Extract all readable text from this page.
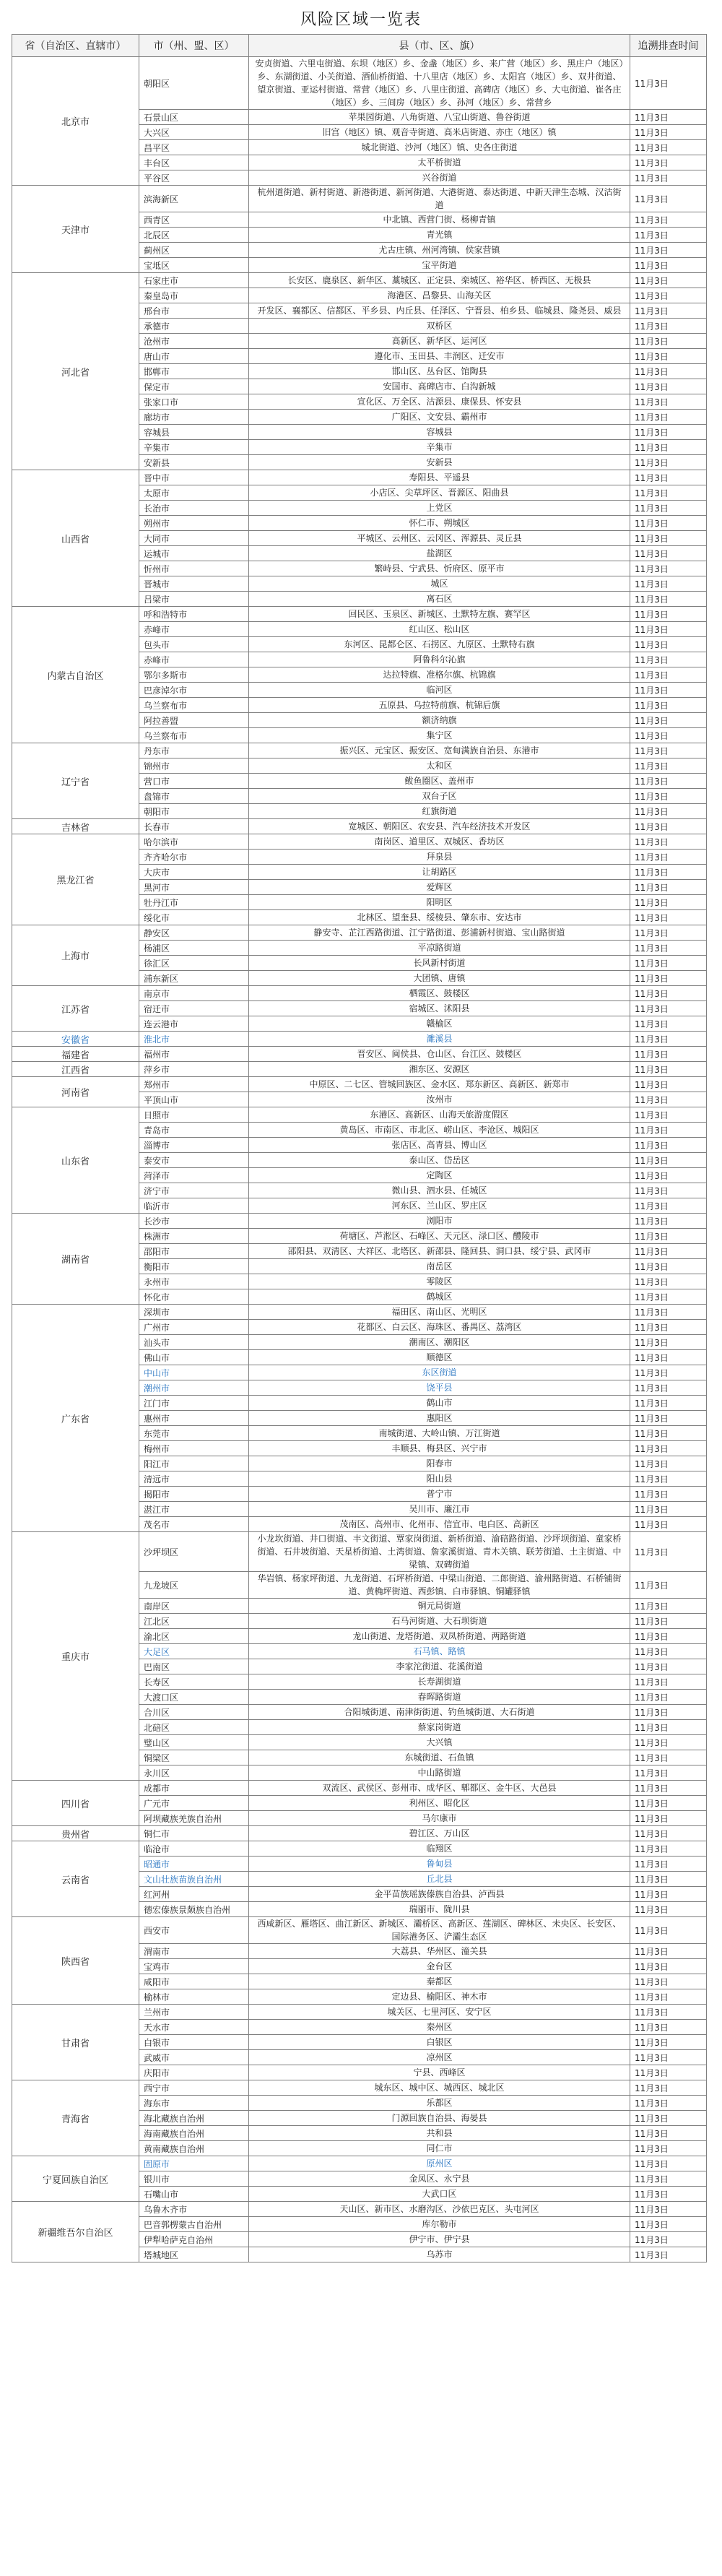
风险区域一览表
省（自治区、直辖市）	市（州、盟、区）	县（市、区、旗）	追溯排查时间
北京市	朝阳区	安贞街道、六里屯街道、东坝（地区）乡、金盏（地区）乡、来广营（地区）乡、黑庄户（地区）乡、东湖街道、小关街道、酒仙桥街道、十八里店（地区）乡、太阳宫（地区）乡、双井街道、望京街道、亚运村街道、常营（地区）乡、八里庄街道、高碑店（地区）乡、大屯街道、崔各庄（地区）乡、三间房（地区）乡、孙河（地区）乡、常营乡	11月3日
	石景山区	苹果园街道、八角街道、八宝山街道、鲁谷街道	11月3日
	大兴区	旧宫（地区）镇、观音寺街道、高米店街道、亦庄（地区）镇	11月3日
	昌平区	城北街道、沙河（地区）镇、史各庄街道	11月3日
	丰台区	太平桥街道	11月3日
	平谷区	兴谷街道	11月3日
天津市	滨海新区	杭州道街道、新村街道、新港街道、新河街道、大港街道、泰达街道、中新天津生态城、汉沽街道	11月3日
	西青区	中北镇、西营门街、杨柳青镇	11月3日
	北辰区	青光镇	11月3日
	蓟州区	尤古庄镇、州河湾镇、侯家营镇	11月3日
	宝坻区	宝平街道	11月3日
河北省	石家庄市	长安区、鹿泉区、新华区、藁城区、正定县、栾城区、裕华区、桥西区、无极县	11月3日
	秦皇岛市	海港区、昌黎县、山海关区	11月3日
	邢台市	开发区、襄都区、信都区、平乡县、内丘县、任泽区、宁晋县、柏乡县、临城县、隆尧县、威县	11月3日
	承德市	双桥区	11月3日
	沧州市	高新区、新华区、运河区	11月3日
	唐山市	遵化市、玉田县、丰润区、迁安市	11月3日
	邯郸市	邯山区、丛台区、馆陶县	11月3日
	保定市	安国市、高碑店市、白沟新城	11月3日
	张家口市	宣化区、万全区、沽源县、康保县、怀安县	11月3日
	廊坊市	广阳区、文安县、霸州市	11月3日
	容城县	容城县	11月3日
	辛集市	辛集市	11月3日
	安新县	安新县	11月3日
山西省	晋中市	寿阳县、平遥县	11月3日
	太原市	小店区、尖草坪区、晋源区、阳曲县	11月3日
	长治市	上党区	11月3日
	朔州市	怀仁市、朔城区	11月3日
	大同市	平城区、云州区、云冈区、浑源县、灵丘县	11月3日
	运城市	盐湖区	11月3日
	忻州市	繁峙县、宁武县、忻府区、原平市	11月3日
	晋城市	城区	11月3日
	吕梁市	离石区	11月3日
内蒙古自治区	呼和浩特市	回民区、玉泉区、新城区、土默特左旗、赛罕区	11月3日
	赤峰市	红山区、松山区	11月3日
	包头市	东河区、昆都仑区、石拐区、九原区、土默特右旗	11月3日
	赤峰市	阿鲁科尔沁旗	11月3日
	鄂尔多斯市	达拉特旗、准格尔旗、杭锦旗	11月3日
	巴彦淖尔市	临河区	11月3日
	乌兰察布市	五原县、乌拉特前旗、杭锦后旗	11月3日
	阿拉善盟	额济纳旗	11月3日
	乌兰察布市	集宁区	11月3日
辽宁省	丹东市	振兴区、元宝区、振安区、宽甸满族自治县、东港市	11月3日
	锦州市	太和区	11月3日
	营口市	鲅鱼圈区、盖州市	11月3日
	盘锦市	双台子区	11月3日
	朝阳市	红旗街道	11月3日
吉林省	长春市	宽城区、朝阳区、农安县、汽车经济技术开发区	11月3日
黑龙江省	哈尔滨市	南岗区、道里区、双城区、香坊区	11月3日
	齐齐哈尔市	拜泉县	11月3日
	大庆市	让胡路区	11月3日
	黑河市	爱辉区	11月3日
	牡丹江市	阳明区	11月3日
	绥化市	北林区、望奎县、绥棱县、肇东市、安达市	11月3日
上海市	静安区	静安寺、芷江西路街道、江宁路街道、彭浦新村街道、宝山路街道	11月3日
	杨浦区	平凉路街道	11月3日
	徐汇区	长风新村街道	11月3日
	浦东新区	大团镇、唐镇	11月3日
江苏省	南京市	栖霞区、鼓楼区	11月3日
	宿迁市	宿城区、沭阳县	11月3日
	连云港市	赣榆区	11月3日
安徽省	淮北市	濉溪县	11月3日
福建省	福州市	晋安区、闽侯县、仓山区、台江区、鼓楼区	11月3日
江西省	萍乡市	湘东区、安源区	11月3日
河南省	郑州市	中原区、二七区、管城回族区、金水区、郑东新区、高新区、新郑市	11月3日
	平顶山市	汝州市	11月3日
山东省	日照市	东港区、高新区、山海天旅游度假区	11月3日
	青岛市	黄岛区、市南区、市北区、崂山区、李沧区、城阳区	11月3日
	淄博市	张店区、高青县、博山区	11月3日
	泰安市	泰山区、岱岳区	11月3日
	菏泽市	定陶区	11月3日
	济宁市	微山县、泗水县、任城区	11月3日
	临沂市	河东区、兰山区、罗庄区	11月3日
湖南省	长沙市	浏阳市	11月3日
	株洲市	荷塘区、芦淞区、石峰区、天元区、渌口区、醴陵市	11月3日
	邵阳市	邵阳县、双清区、大祥区、北塔区、新邵县、隆回县、洞口县、绥宁县、武冈市	11月3日
	衡阳市	南岳区	11月3日
	永州市	零陵区	11月3日
	怀化市	鹤城区	11月3日
广东省	深圳市	福田区、南山区、光明区	11月3日
	广州市	花都区、白云区、海珠区、番禺区、荔湾区	11月3日
	汕头市	潮南区、潮阳区	11月3日
	佛山市	顺德区	11月3日
	中山市	东区街道	11月3日
	潮州市	饶平县	11月3日
	江门市	鹤山市	11月3日
	惠州市	惠阳区	11月3日
	东莞市	南城街道、大岭山镇、万江街道	11月3日
	梅州市	丰顺县、梅县区、兴宁市	11月3日
	阳江市	阳春市	11月3日
	清远市	阳山县	11月3日
	揭阳市	普宁市	11月3日
	湛江市	吴川市、廉江市	11月3日
	茂名市	茂南区、高州市、化州市、信宜市、电白区、高新区	11月3日
重庆市	沙坪坝区	小龙坎街道、井口街道、丰文街道、覃家岗街道、新桥街道、渝碚路街道、沙坪坝街道、童家桥街道、石井坡街道、天星桥街道、土湾街道、詹家溪街道、青木关镇、联芳街道、土主街道、中梁镇、双碑街道	11月3日
	九龙坡区	华岩镇、杨家坪街道、九龙街道、石坪桥街道、中梁山街道、二郎街道、渝州路街道、石桥铺街道、黄桷坪街道、西彭镇、白市驿镇、铜罐驿镇	11月3日
	南岸区	铜元局街道	11月3日
	江北区	石马河街道、大石坝街道	11月3日
	渝北区	龙山街道、龙塔街道、双凤桥街道、两路街道	11月3日
	大足区	石马镇、路镇	11月3日
	巴南区	李家沱街道、花溪街道	11月3日
	长寿区	长寿湖街道	11月3日
	大渡口区	春晖路街道	11月3日
	合川区	合阳城街道、南津街街道、钓鱼城街道、大石街道	11月3日
	北碚区	蔡家岗街道	11月3日
	璧山区	大兴镇	11月3日
	铜梁区	东城街道、石鱼镇	11月3日
	永川区	中山路街道	11月3日
四川省	成都市	双流区、武侯区、彭州市、成华区、郫都区、金牛区、大邑县	11月3日
	广元市	利州区、昭化区	11月3日
	阿坝藏族羌族自治州	马尔康市	11月3日
贵州省	铜仁市	碧江区、万山区	11月3日
云南省	临沧市	临翔区	11月3日
	昭通市	鲁甸县	11月3日
	文山壮族苗族自治州	丘北县	11月3日
	红河州	金平苗族瑶族傣族自治县、泸西县	11月3日
	德宏傣族景颇族自治州	瑞丽市、陇川县	11月3日
陕西省	西安市	西咸新区、雁塔区、曲江新区、新城区、灞桥区、高新区、莲湖区、碑林区、未央区、长安区、国际港务区、浐灞生态区	11月3日
	渭南市	大荔县、华州区、潼关县	11月3日
	宝鸡市	金台区	11月3日
	咸阳市	秦都区	11月3日
	榆林市	定边县、榆阳区、神木市	11月3日
甘肃省	兰州市	城关区、七里河区、安宁区	11月3日
	天水市	秦州区	11月3日
	白银市	白银区	11月3日
	武威市	凉州区	11月3日
	庆阳市	宁县、西峰区	11月3日
青海省	西宁市	城东区、城中区、城西区、城北区	11月3日
	海东市	乐都区	11月3日
	海北藏族自治州	门源回族自治县、海晏县	11月3日
	海南藏族自治州	共和县	11月3日
	黄南藏族自治州	同仁市	11月3日
宁夏回族自治区	固原市	原州区	11月3日
	银川市	金凤区、永宁县	11月3日
	石嘴山市	大武口区	11月3日
新疆维吾尔自治区	乌鲁木齐市	天山区、新市区、水磨沟区、沙依巴克区、头屯河区	11月3日
	巴音郭楞蒙古自治州	库尔勒市	11月3日
	伊犁哈萨克自治州	伊宁市、伊宁县	11月3日
	塔城地区	乌苏市	11月3日
